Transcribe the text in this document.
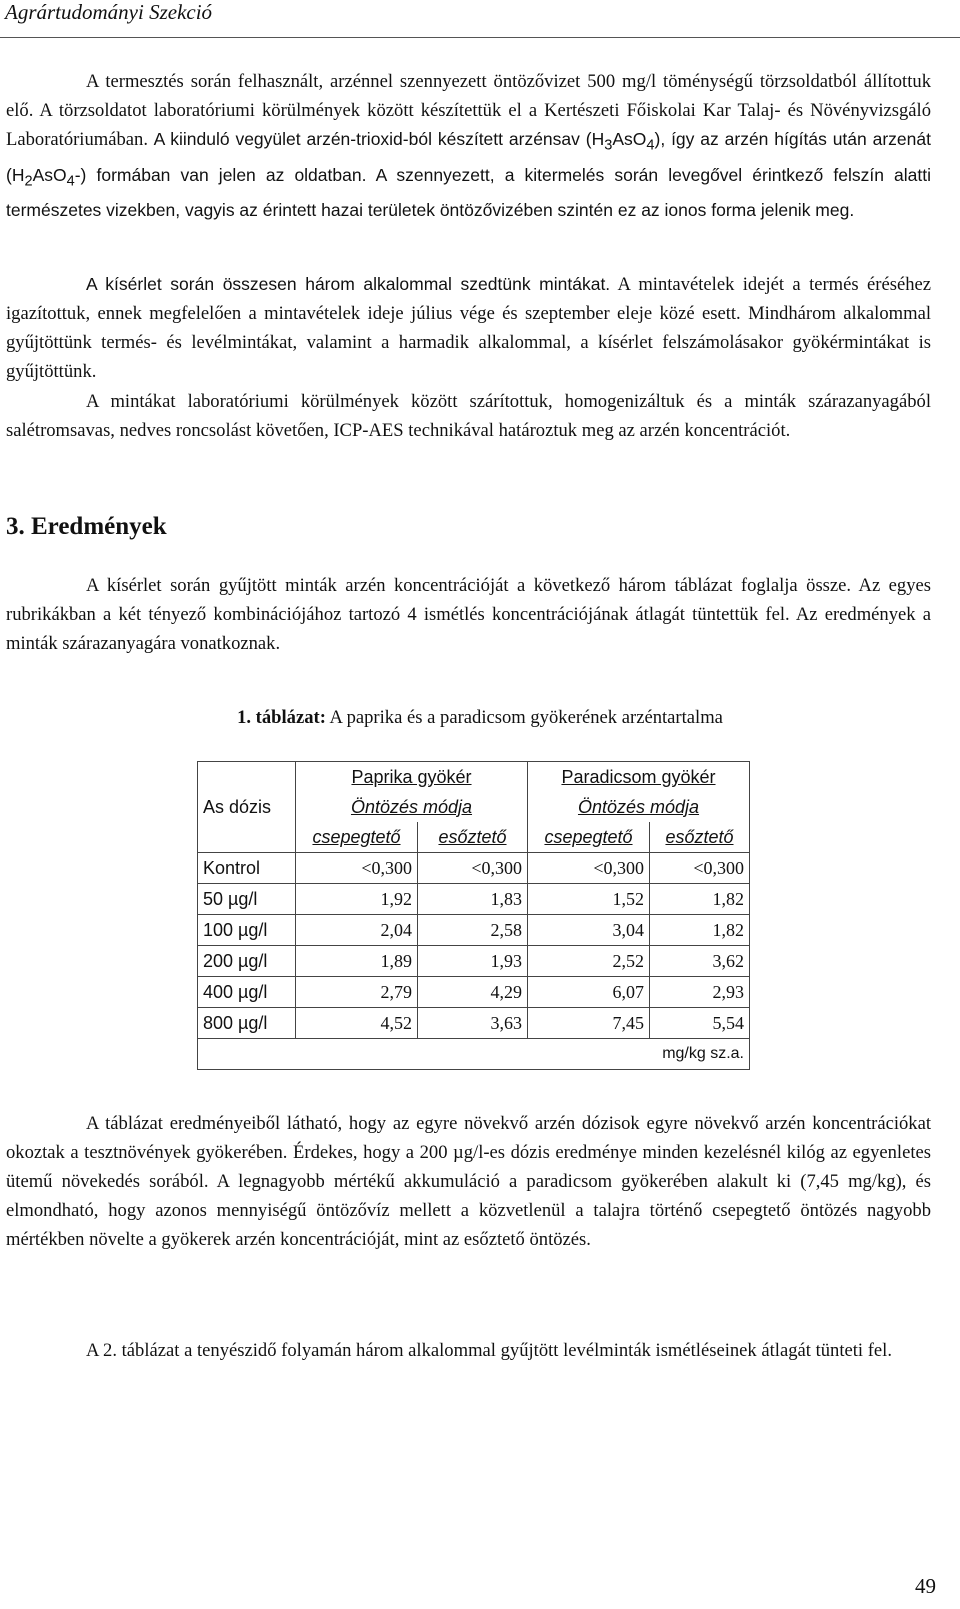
Agrártudományi Szekció

A termesztés során felhasznált, arzénnel szennyezett öntözővizet 500 mg/l töménységű törzsoldatból állítottuk elő. A törzsoldatot laboratóriumi körülmények között készítettük el a Kertészeti Főiskolai Kar Talaj- és Növényvizsgáló Laboratóriumában. A kiinduló vegyület arzén-trioxid-ból készített arzénsav $(H_3AsO_4)$, így az arzén hígítás után arzenát $(H_2AsO_4-)$ formában van jelen az oldatban. A szennyezett, a kitermelés során levegővel érintkező felszín alatti természetes vizekben, vagyis az érintett hazai területek öntözővizében szintén ez az ionos forma jelenik meg.

A kísérlet során összesen három alkalommal szedtünk mintákat. A mintavételek idejét a termés éréséhez igazítottuk, ennek megfelelően a mintavételek ideje július vége és szeptember eleje közé esett. Mindhárom alkalommal gyűjtöttünk termés- és levélmintákat, valamint a harmadik alkalommal, a kísérlet felszámolásakor gyökérmintákat is gyűjtöttünk.

A mintákat laboratóriumi körülmények között szárítottuk, homogenizáltuk és a minták szárazanyagából salétromsavas, nedves roncsolást követően, ICP-AES technikával határoztuk meg az arzén koncentrációt.

3. Eredmények

A kísérlet során gyűjtött minták arzén koncentrációját a következő három táblázat foglalja össze. Az egyes rubrikákban a két tényező kombinációjához tartozó 4 ismétlés koncentrációjának átlagát tüntettük fel. Az eredmények a minták szárazanyagára vonatkoznak.

1. táblázat: A paprika és a paradicsom gyökerének arzéntartalma
As dózis	Paprika gyökér		Paradicsom gyökér	
	Öntözés módja		Öntözés módja	
	csepegtető	esőztető	csepegtető	esőztető
Kontrol	<0,300	<0,300	<0,300	<0,300
50 µg/l	1,92	1,83	1,52	1,82
100 µg/l	2,04	2,58	3,04	1,82
200 µg/l	1,89	1,93	2,52	3,62
400 µg/l	2,79	4,29	6,07	2,93
800 µg/l	4,52	3,63	7,45	5,54
mg/kg sz.a.				

A táblázat eredményeiből látható, hogy az egyre növekvő arzén dózisok egyre növekvő arzén koncentrációkat okoztak a tesztnövények gyökerében. Érdekes, hogy a 200 µg/l-es dózis eredménye minden kezelésnél kilóg az egyenletes ütemű növekedés sorából. A legnagyobb mértékű akkumuláció a paradicsom gyökerében alakult ki (7,45 mg/kg), és elmondható, hogy azonos mennyiségű öntözővíz mellett a közvetlenül a talajra történő csepegtető öntözés nagyobb mértékben növelte a gyökerek arzén koncentrációját, mint az esőztető öntözés.

A 2. táblázat a tenyészidő folyamán három alkalommal gyűjtött levélminták ismétléseinek átlagát tünteti fel.

49
